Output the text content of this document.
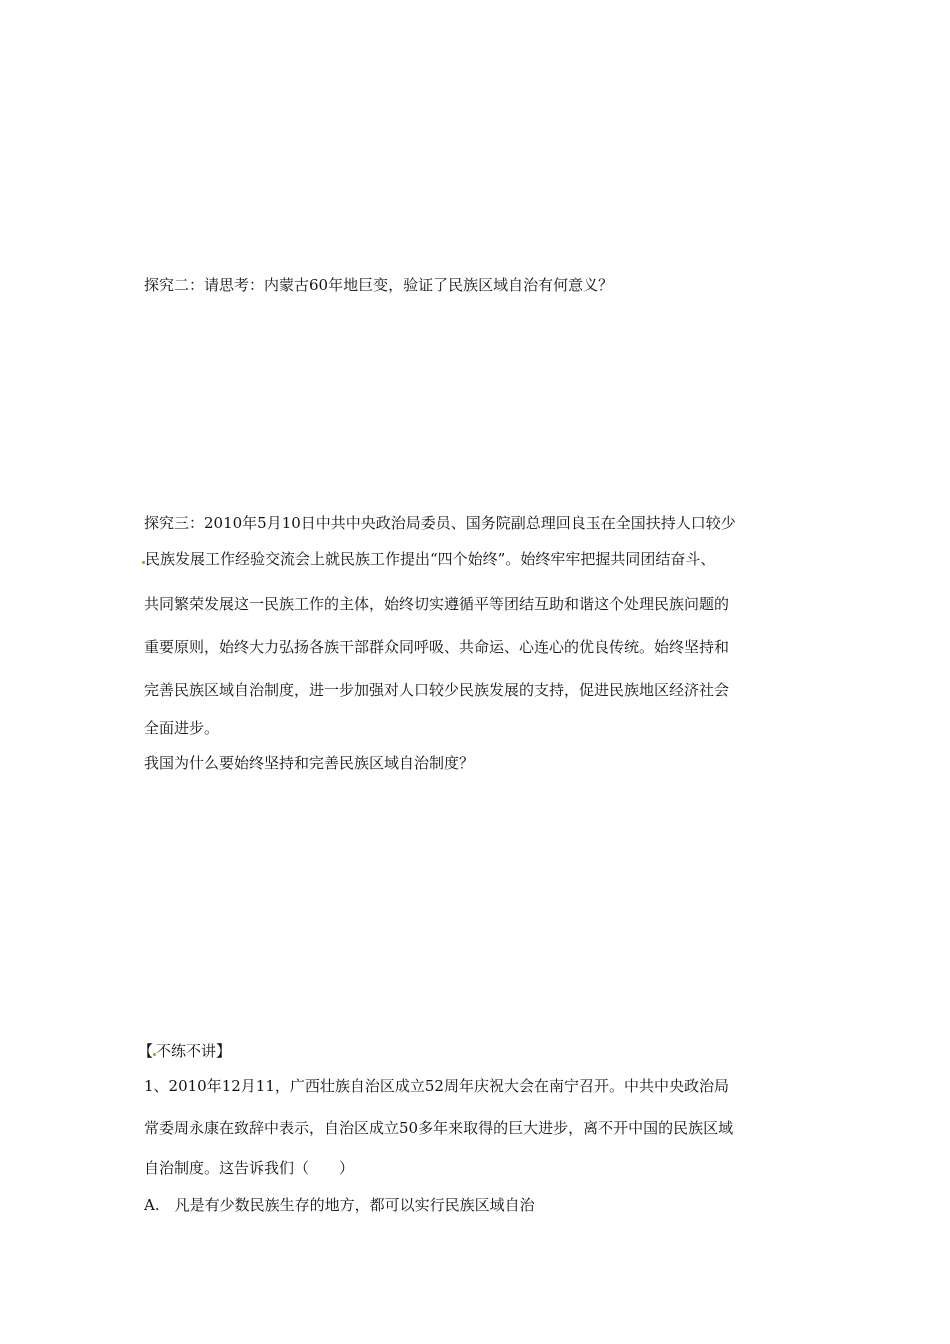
探究二：请思考：内蒙古60年地巨变，验证了民族区域自治有何意义？
探究三：2010年5月10日中共中央政治局委员、国务院副总理回良玉在全国扶持人口较少
民族发展工作经验交流会上就民族工作提出“四个始终”。始终牢牢把握共同团结奋斗、
共同繁荣发展这一民族工作的主体，始终切实遵循平等团结互助和谐这个处理民族问题的
重要原则，始终大力弘扬各族干部群众同呼吸、共命运、心连心的优良传统。始终坚持和
完善民族区域自治制度，进一步加强对人口较少民族发展的支持，促进民族地区经济社会
全面进步。
我国为什么要始终坚持和完善民族区域自治制度？
【 不练不讲】
1、2010年12月11，广西壮族自治区成立52周年庆祝大会在南宁召开。中共中央政治局
常委周永康在致辞中表示，自治区成立50多年来取得的巨大进步，离不开中国的民族区域
自治制度。这告诉我们（　　）
A.　凡是有少数民族生存的地方，都可以实行民族区域自治
